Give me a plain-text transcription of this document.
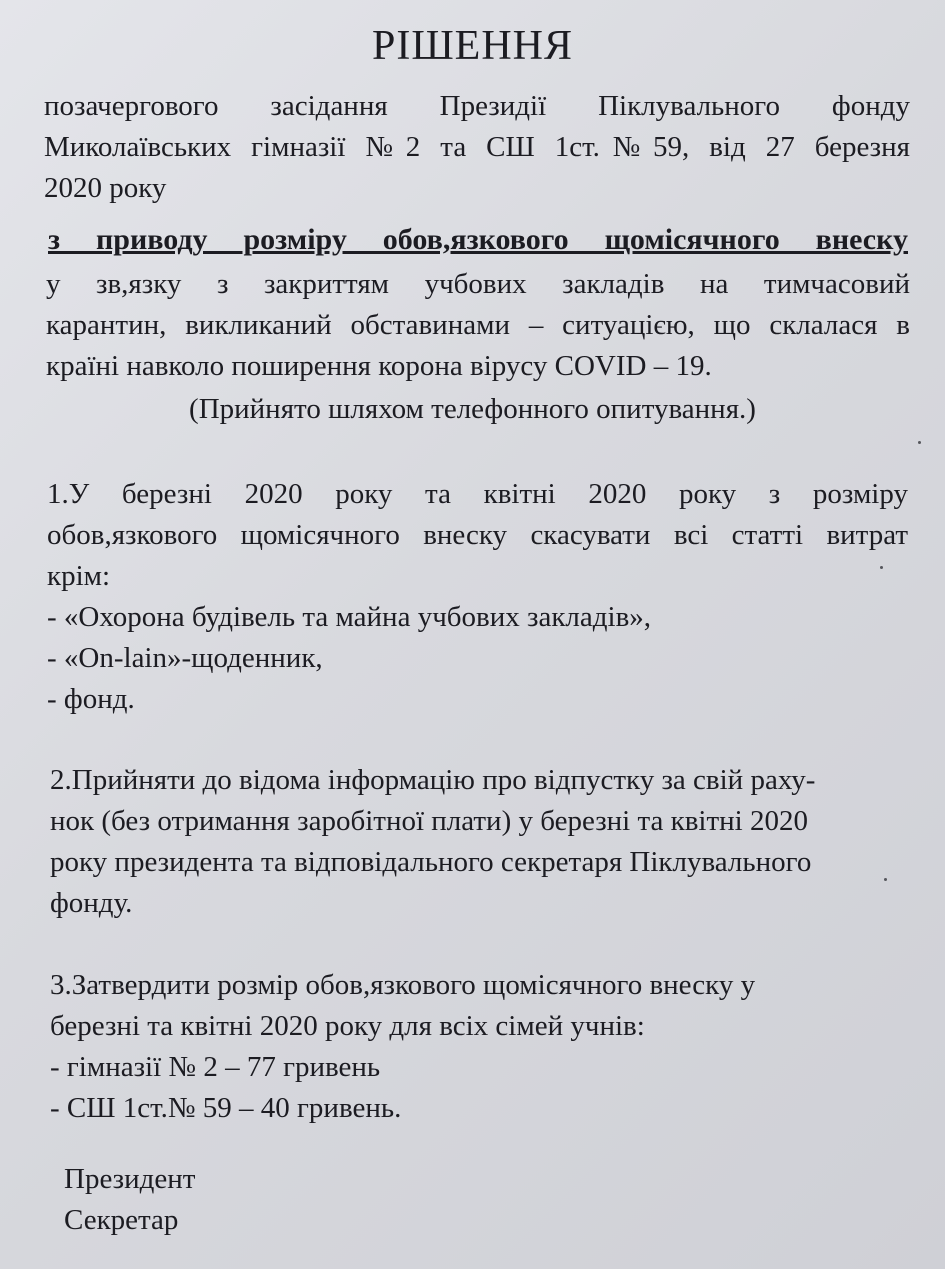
РІШЕННЯ
позачергового засідання Президії Піклувального фонду
Миколаївських гімназії №2 та СШ 1ст.№59, від 27 березня
2020 року
з приводу розміру обов,язкового щомісячного внеску
у зв,язку з закриттям учбових закладів на тимчасовий
карантин, викликаний обставинами – ситуацією, що склалася в
країні навколо поширення корона вірусу COVID – 19.
(Прийнято шляхом телефонного опитування.)
1.У березні 2020 року та квітні 2020 року з розміру
обов,язкового щомісячного внеску скасувати всі статті витрат
крім:
- «Охорона будівель та майна учбових закладів»,
- «On-lain»-щоденник,
- фонд.
2.Прийняти до відома інформацію про відпустку за свій раху-
нок (без отримання заробітної плати) у березні та квітні 2020
року президента та відповідального секретаря Піклувального
фонду.
3.Затвердити розмір обов,язкового щомісячного внеску у
березні та квітні 2020 року для всіх сімей учнів:
- гімназії № 2 – 77 гривень
- СШ 1ст.№ 59 – 40 гривень.
Президент
Секретар
